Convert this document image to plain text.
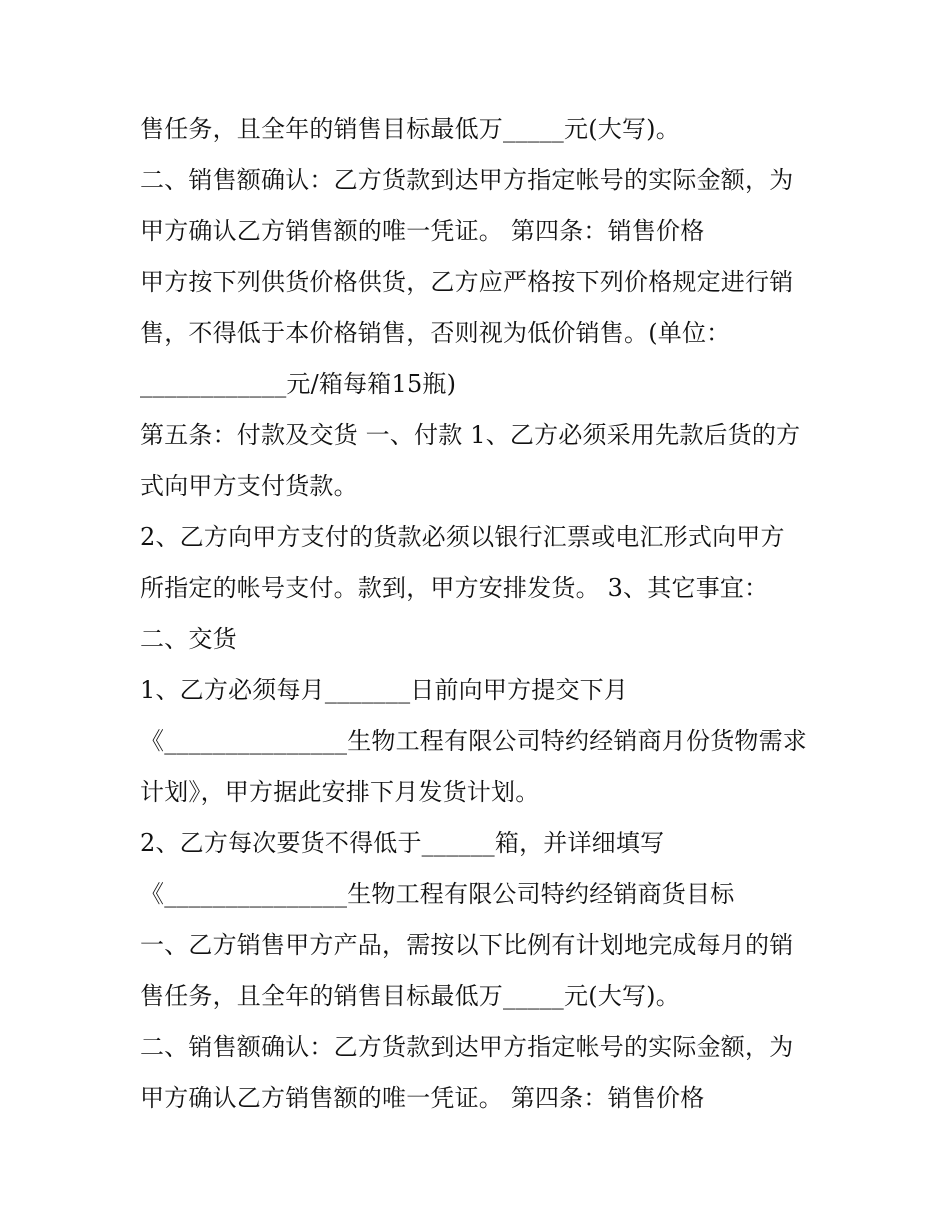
售任务，且全年的销售目标最低万_____元(大写)。
二、销售额确认：乙方货款到达甲方指定帐号的实际金额，为
甲方确认乙方销售额的唯一凭证。 第四条：销售价格
甲方按下列供货价格供货，乙方应严格按下列价格规定进行销
售，不得低于本价格销售，否则视为低价销售。(单位：
____________元/箱每箱15瓶)
第五条：付款及交货 一、付款 1、乙方必须采用先款后货的方
式向甲方支付货款。
2、乙方向甲方支付的货款必须以银行汇票或电汇形式向甲方
所指定的帐号支付。款到，甲方安排发货。 3、其它事宜：
二、交货
1、乙方必须每月_______日前向甲方提交下月
《_______________生物工程有限公司特约经销商月份货物需求
计划》，甲方据此安排下月发货计划。
2、乙方每次要货不得低于______箱，并详细填写
《_______________生物工程有限公司特约经销商货目标
一、乙方销售甲方产品，需按以下比例有计划地完成每月的销
售任务，且全年的销售目标最低万_____元(大写)。
二、销售额确认：乙方货款到达甲方指定帐号的实际金额，为
甲方确认乙方销售额的唯一凭证。 第四条：销售价格
